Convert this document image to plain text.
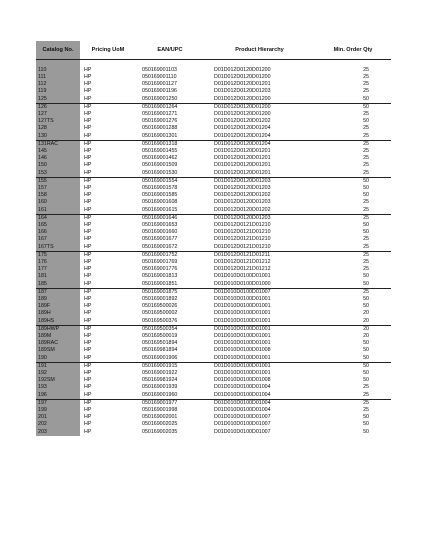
Catalog No.	Pricing UoM	EAN/UPC	Product Hierarchy	Min. Order Qty

110	HP	050169001103	D01D012D0120D01200	25
111	HP	050169001110	D01D012D0120D01200	25
112	HP	050169001127	D01D012D0120D01201	25
119	HP	050169001196	D01D012D0120D01203	25
125	HP	050169001250	D01D012D0120D01200	50
126	HP	050169001264	D01D012D0120D01200	50
127	HP	050169001271	D01D012D0120D01200	25
127TS	HP	050169001276	D01D012D0120D01202	50
128	HP	050169001288	D01D012D0120D01204	25
130	HP	050169001301	D01D012D0120D01204	25
131RAC	HP	050169001318	D01D012D0120D01204	25
145	HP	050169001455	D01D012D0120D01201	25
146	HP	050169001462	D01D012D0120D01201	25
150	HP	050169001509	D01D012D0120D01201	25
153	HP	050169001530	D01D012D0120D01201	25
155	HP	050169001554	D01D012D0120D01203	50
157	HP	050169001578	D01D012D0120D01203	50
158	HP	050169001585	D01D012D0120D01202	50
160	HP	050169001608	D01D012D0120D01203	25
161	HP	050169001615	D01D012D0120D01202	25
164	HP	050169001646	D01D012D0120D01203	25
165	HP	050169001653	D01D012D0121D01210	50
166	HP	050169001660	D01D012D0121D01210	50
167	HP	050169001677	D01D012D0121D01210	25
167TS	HP	050169001672	D01D012D0121D01210	25
175	HP	050169001752	D01D012D0121D01211	25
176	HP	050169001769	D01D012D0121D01212	25
177	HP	050169001776	D01D012D0121D01212	25
181	HP	050169001813	D01D010D0100D01001	50
185	HP	050169001851	D01D010D0100D01000	50
187	HP	050169001875	D01D010D0100D01007	25
189	HP	050169001892	D01D010D0100D01001	50
189F	HP	050169500026	D01D010D0100D01001	50
189H	HP	050169500002	D01D010D0100D01001	20
189HS	HP	050169500376	D01D010D0100D01001	20
189HWP	HP	050169500354	D01D010D0100D01001	20
189M	HP	050169500019	D01D010D0100D01001	20
189RAC	HP	050169501894	D01D010D0100D01001	50
189SM	HP	050169981894	D01D010D0100D01008	50
190	HP	050169001906	D01D010D0100D01001	50
191	HP	050169001915	D01D010D0100D01001	50
192	HP	050169001922	D01D010D0100D01001	50
192SM	HP	050169981924	D01D010D0100D01008	50
193	HP	050169001939	D01D010D0100D01004	25
196	HP	050169001960	D01D010D0100D01004	25
197	HP	050169001977	D01D010D0100D01004	25
199	HP	050169001998	D01D010D0100D01004	25
201	HP	050169002001	D01D010D0100D01007	50
202	HP	050169002025	D01D010D0100D01007	50
203	HP	050169002035	D01D010D0100D01007	50
